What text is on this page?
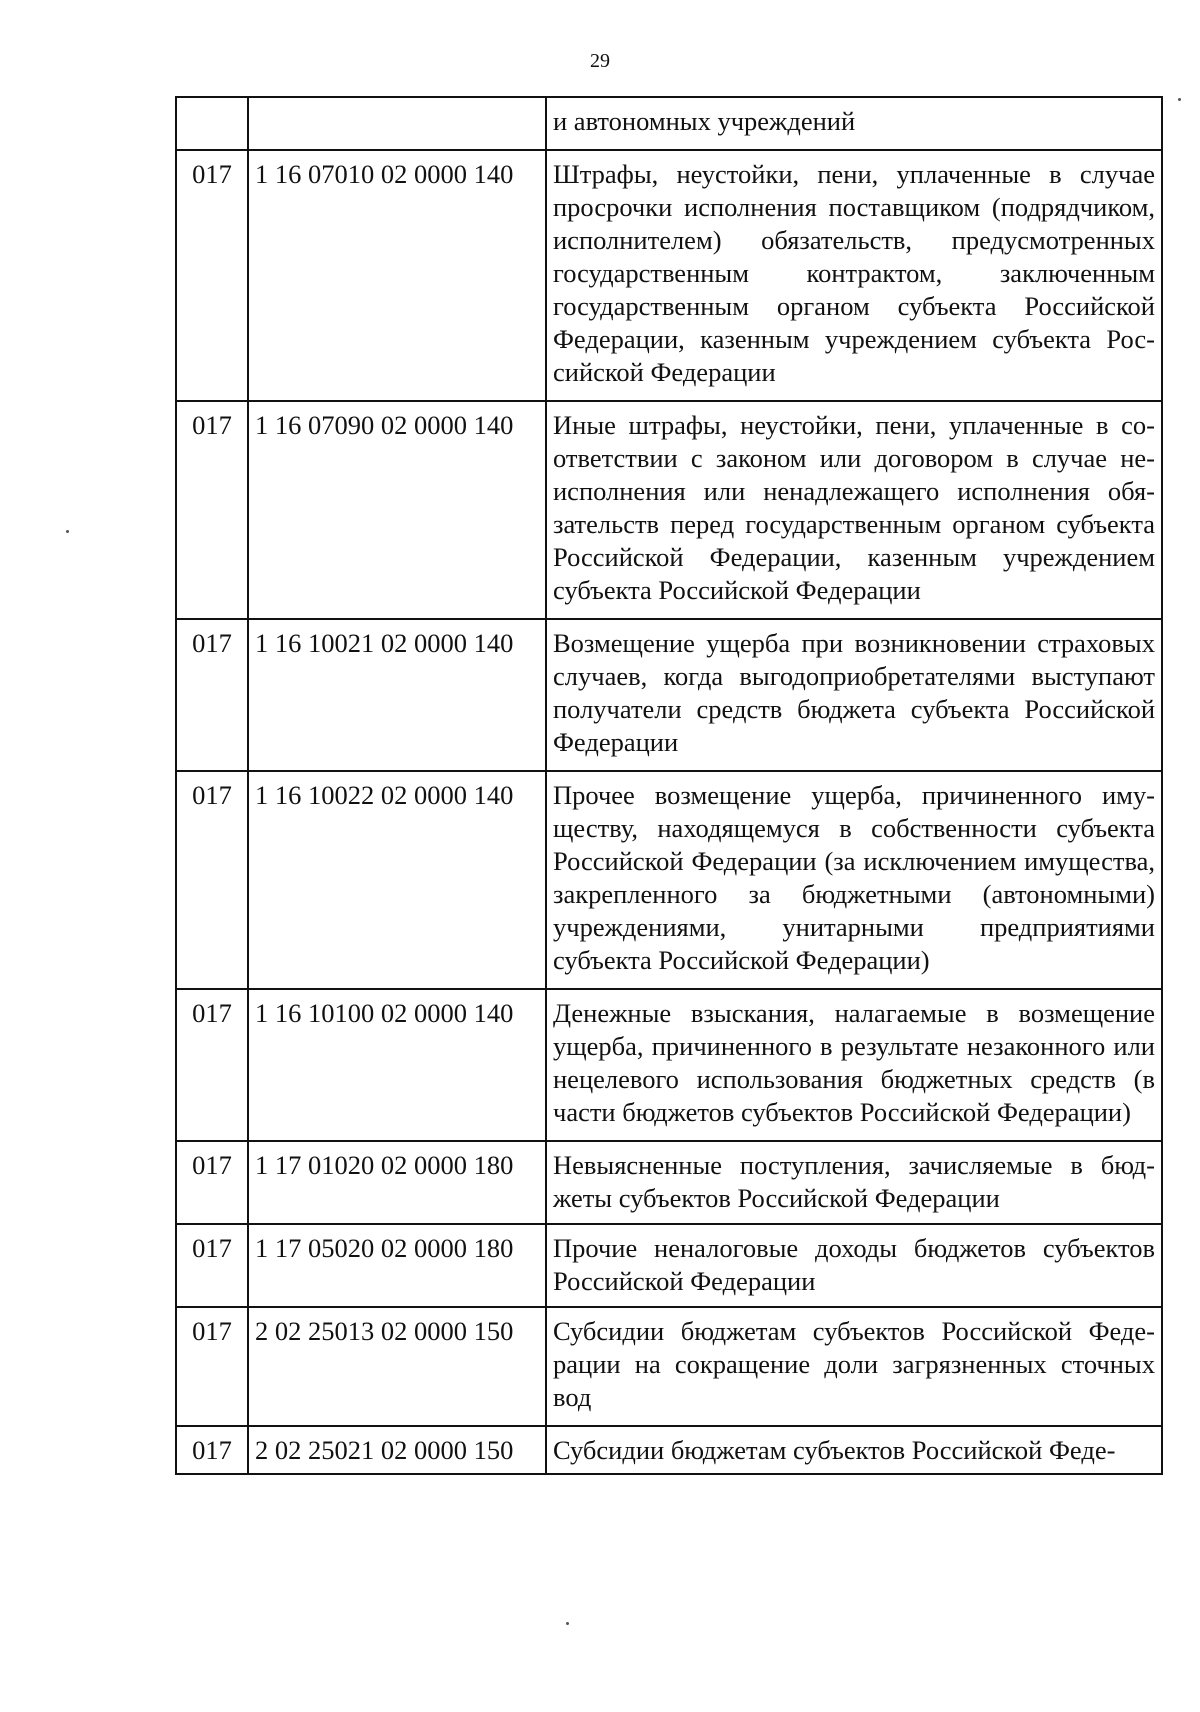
29
		и автономных учреждений
017	1 16 07010 02 0000 140	Штрафы, неустойки, пени, уплаченные в случае просрочки исполнения поставщиком (подрядчиком, исполнителем) обязательств, предусмотренных государственным контрактом, заключенным государственным органом субъекта Российской Федерации, казенным учреждением субъекта Российской Федерации
017	1 16 07090 02 0000 140	Иные штрафы, неустойки, пени, уплаченные в соответствии с законом или договором в случае неисполнения или ненадлежащего исполнения обязательств перед государственным органом субъекта Российской Федерации, казенным учреждением субъекта Российской Федерации
017	1 16 10021 02 0000 140	Возмещение ущерба при возникновении страховых случаев, когда выгодоприобретателями выступают получатели средств бюджета субъекта Российской Федерации
017	1 16 10022 02 0000 140	Прочее возмещение ущерба, причиненного имуществу, находящемуся в собственности субъекта Российской Федерации (за исключением имущества, закрепленного за бюджетными (автономными) учреждениями, унитарными предприятиями субъекта Российской Федерации)
017	1 16 10100 02 0000 140	Денежные взыскания, налагаемые в возмещение ущерба, причиненного в результате незаконного или нецелевого использования бюджетных средств (в части бюджетов субъектов Российской Федерации)
017	1 17 01020 02 0000 180	Невыясненные поступления, зачисляемые в бюджеты субъектов Российской Федерации
017	1 17 05020 02 0000 180	Прочие неналоговые доходы бюджетов субъектов Российской Федерации
017	2 02 25013 02 0000 150	Субсидии бюджетам субъектов Российской Федерации на сокращение доли загрязненных сточных вод
017	2 02 25021 02 0000 150	Субсидии бюджетам субъектов Российской Феде-
